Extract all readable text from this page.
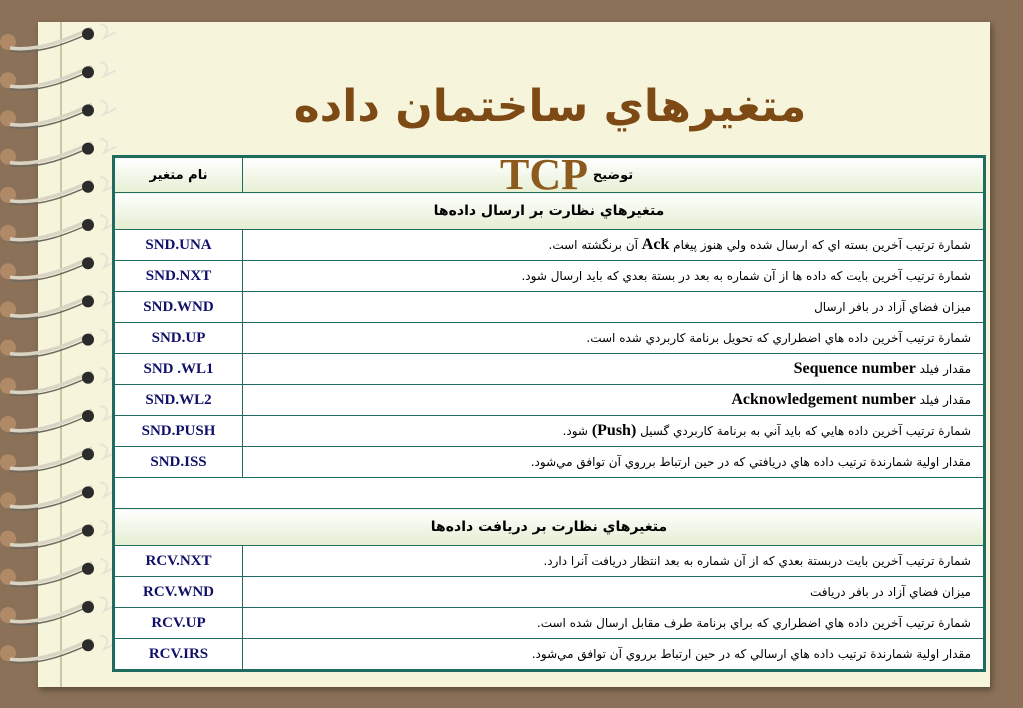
متغيرهاي ساختمان داده
TCP
نام متغير	توضيح
متغيرهاي نظارت بر ارسال داده‌ها	
SND.UNA	شمارة ترتيب آخرين بسته اي كه ارسال شده ولي هنوز پيغام Ack آن برنگشته است.
SND.NXT	شمارة ترتيب آخرين بايت كه داده ها از آن شماره به بعد در بستة بعدي كه بايد ارسال شود.
SND.WND	ميزان فضاي آزاد در بافر ارسال
SND.UP	شمارة ترتيب آخرين داده هاي اضطراري كه تحويل برنامة كاربردي شده است.
SND .WL1	مقدار فيلد Sequence number
SND.WL2	مقدار فيلد Acknowledgement number
SND.PUSH	شمارة ترتيب آخرين داده هايي كه بايد آني به برنامة كاربردي گسيل (Push) شود.
SND.ISS	مقدار اولية شمارندة ترتيب داده هاي دريافتي كه در حين ارتباط برروي آن توافق مي‌شود.

متغيرهاي نظارت بر دريافت داده‌ها	
RCV.NXT	شمارة ترتيب آخرين بايت دربستة بعدي كه از آن شماره به بعد انتظار دريافت آنرا دارد.
RCV.WND	ميزان فضاي آزاد در بافر دريافت
RCV.UP	شمارة ترتيب آخرين داده هاي اضطراري كه براي برنامة طرف مقابل ارسال شده است.
RCV.IRS	مقدار اولية شمارندة ترتيب داده هاي ارسالي كه در حين ارتباط برروي آن توافق مي‌شود.
